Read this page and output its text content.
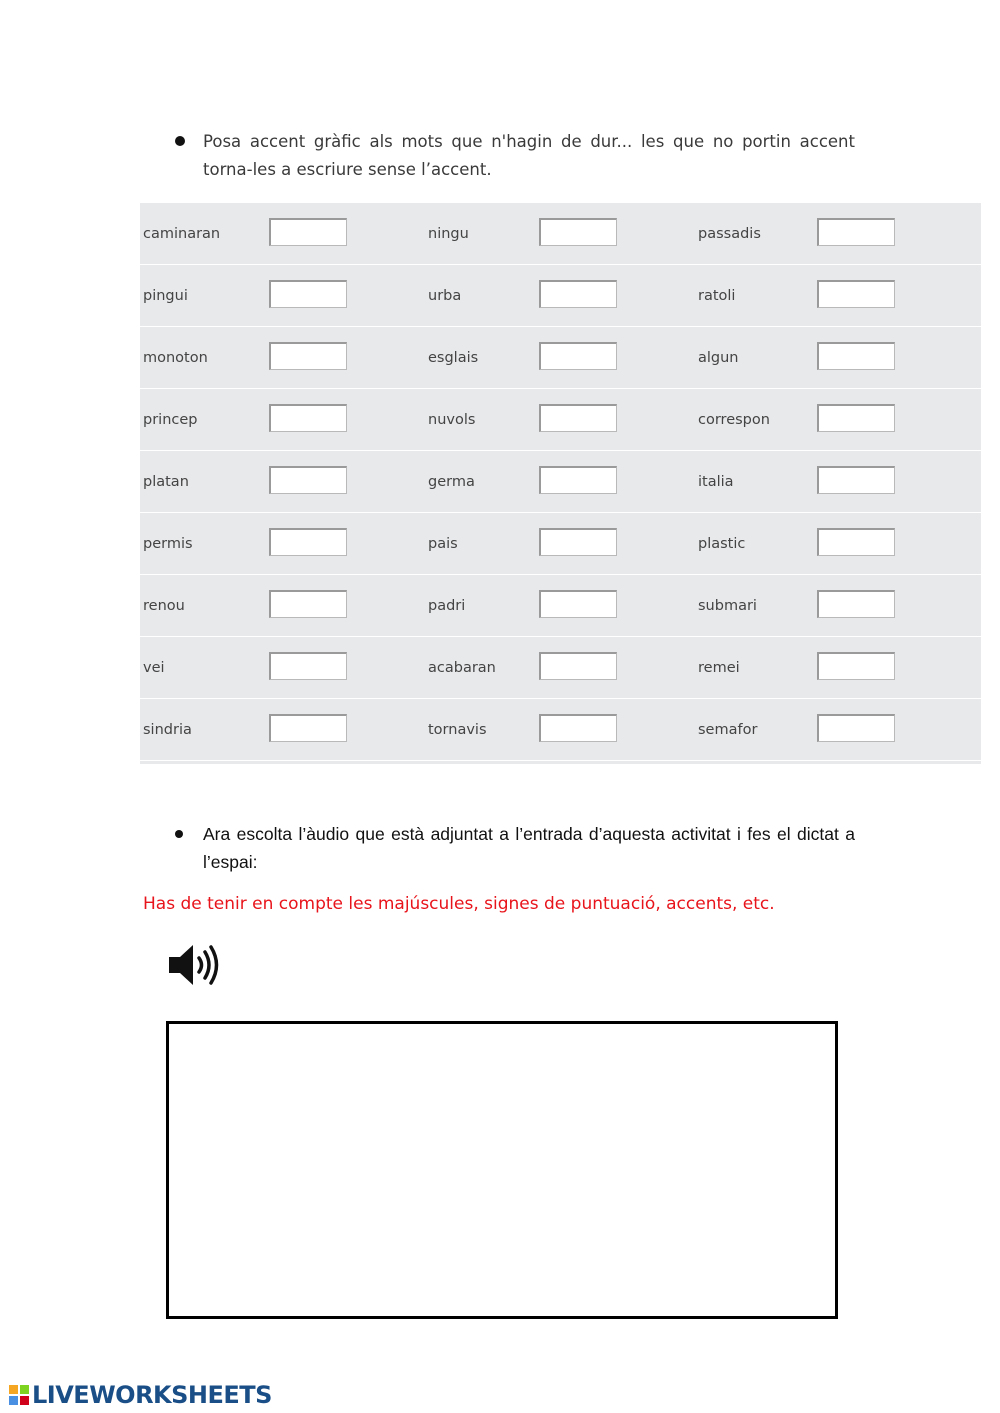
Posa accent gràfic als mots que n'hagin de dur... les que no portin accent torna-les a escriure sense l’accent.
caminaran	ningu	passadis
pingui	urba	ratoli
monoton	esglais	algun
princep	nuvols	correspon
platan	germa	italia
permis	pais	plastic
renou	padri	submari
vei	acabaran	remei
sindria	tornavis	semafor
Ara escolta l’àudio que està adjuntat a l’entrada d’aquesta activitat i fes el dictat a l’espai:
Has de tenir en compte les majúscules, signes de puntuació, accents, etc.
LIVEWORKSHEETS
